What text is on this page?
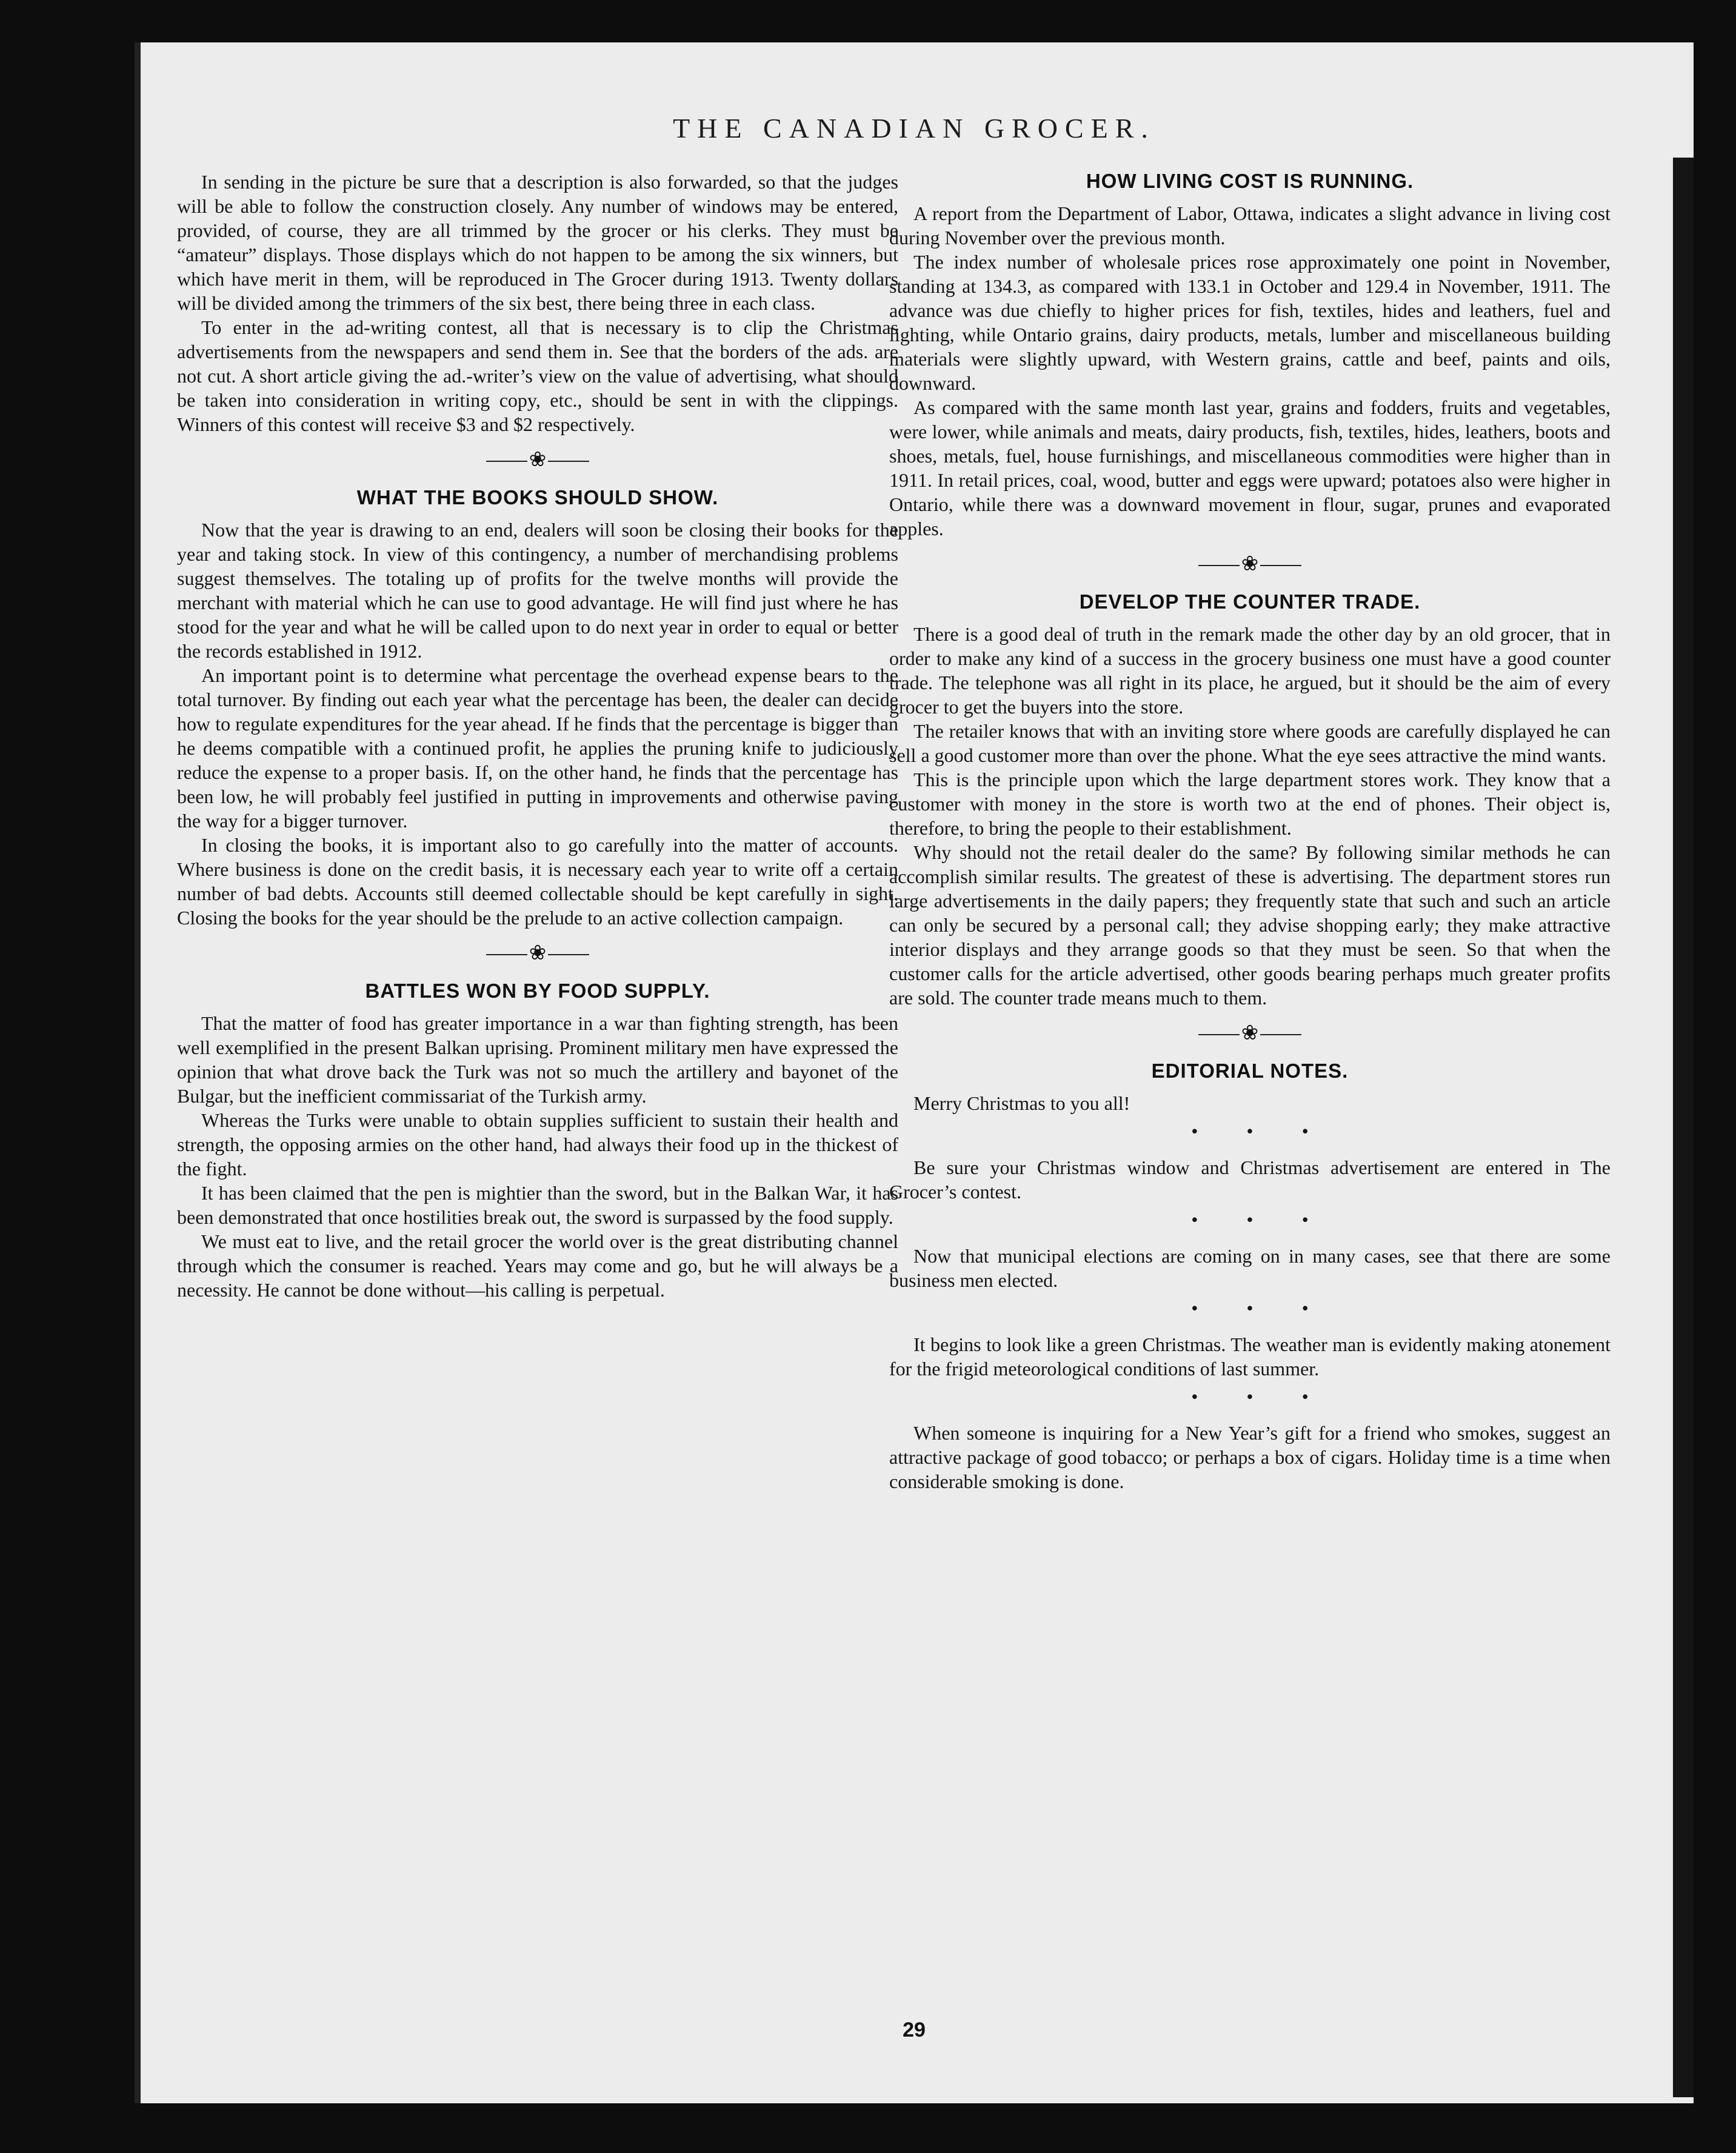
THE CANADIAN GROCER.

In sending in the picture be sure that a description is also forwarded, so that the judges will be able to follow the construction closely. Any number of windows may be entered, provided, of course, they are all trimmed by the grocer or his clerks. They must be “amateur” displays. Those displays which do not happen to be among the six winners, but which have merit in them, will be reproduced in The Grocer during 1913. Twenty dollars will be divided among the trimmers of the six best, there being three in each class.

To enter in the ad-writing contest, all that is necessary is to clip the Christmas advertisements from the newspapers and send them in. See that the borders of the ads. are not cut. A short article giving the ad.-writer’s view on the value of advertising, what should be taken into consideration in writing copy, etc., should be sent in with the clippings. Winners of this contest will receive $3 and $2 respectively.

❀
WHAT THE BOOKS SHOULD SHOW.

Now that the year is drawing to an end, dealers will soon be closing their books for the year and taking stock. In view of this contingency, a number of merchandising problems suggest themselves. The totaling up of profits for the twelve months will provide the merchant with material which he can use to good advantage. He will find just where he has stood for the year and what he will be called upon to do next year in order to equal or better the records established in 1912.

An important point is to determine what percentage the overhead expense bears to the total turnover. By finding out each year what the percentage has been, the dealer can decide how to regulate expenditures for the year ahead. If he finds that the percentage is bigger than he deems compatible with a continued profit, he applies the pruning knife to judiciously reduce the expense to a proper basis. If, on the other hand, he finds that the percentage has been low, he will probably feel justified in putting in improvements and otherwise paving the way for a bigger turnover.

In closing the books, it is important also to go carefully into the matter of accounts. Where business is done on the credit basis, it is necessary each year to write off a certain number of bad debts. Accounts still deemed collectable should be kept carefully in sight. Closing the books for the year should be the prelude to an active collection campaign.

❀
BATTLES WON BY FOOD SUPPLY.

That the matter of food has greater importance in a war than fighting strength, has been well exemplified in the present Balkan uprising. Prominent military men have expressed the opinion that what drove back the Turk was not so much the artillery and bayonet of the Bulgar, but the inefficient commissariat of the Turkish army.

Whereas the Turks were unable to obtain supplies sufficient to sustain their health and strength, the opposing armies on the other hand, had always their food up in the thickest of the fight.

It has been claimed that the pen is mightier than the sword, but in the Balkan War, it has been demonstrated that once hostilities break out, the sword is surpassed by the food supply.

We must eat to live, and the retail grocer the world over is the great distributing channel through which the consumer is reached. Years may come and go, but he will always be a necessity. He cannot be done without—his calling is perpetual.

HOW LIVING COST IS RUNNING.

A report from the Department of Labor, Ottawa, indicates a slight advance in living cost during November over the previous month.

The index number of wholesale prices rose approximately one point in November, standing at 134.3, as compared with 133.1 in October and 129.4 in November, 1911. The advance was due chiefly to higher prices for fish, textiles, hides and leathers, fuel and lighting, while Ontario grains, dairy products, metals, lumber and miscellaneous building materials were slightly upward, with Western grains, cattle and beef, paints and oils, downward.

As compared with the same month last year, grains and fodders, fruits and vegetables, were lower, while animals and meats, dairy products, fish, textiles, hides, leathers, boots and shoes, metals, fuel, house furnishings, and miscellaneous commodities were higher than in 1911. In retail prices, coal, wood, butter and eggs were upward; potatoes also were higher in Ontario, while there was a downward movement in flour, sugar, prunes and evaporated apples.

❀
DEVELOP THE COUNTER TRADE.

There is a good deal of truth in the remark made the other day by an old grocer, that in order to make any kind of a success in the grocery business one must have a good counter trade. The telephone was all right in its place, he argued, but it should be the aim of every grocer to get the buyers into the store.

The retailer knows that with an inviting store where goods are carefully displayed he can sell a good customer more than over the phone. What the eye sees attractive the mind wants.

This is the principle upon which the large department stores work. They know that a customer with money in the store is worth two at the end of phones. Their object is, therefore, to bring the people to their establishment.

Why should not the retail dealer do the same? By following similar methods he can accomplish similar results. The greatest of these is advertising. The department stores run large advertisements in the daily papers; they frequently state that such and such an article can only be secured by a personal call; they advise shopping early; they make attractive interior displays and they arrange goods so that they must be seen. So that when the customer calls for the article advertised, other goods bearing perhaps much greater profits are sold. The counter trade means much to them.

❀
EDITORIAL NOTES.

Merry Christmas to you all!

• • •

Be sure your Christmas window and Christmas advertisement are entered in The Grocer’s contest.

• • •

Now that municipal elections are coming on in many cases, see that there are some business men elected.

• • •

It begins to look like a green Christmas. The weather man is evidently making atonement for the frigid meteorological conditions of last summer.

• • •

When someone is inquiring for a New Year’s gift for a friend who smokes, suggest an attractive package of good tobacco; or perhaps a box of cigars. Holiday time is a time when considerable smoking is done.

29
